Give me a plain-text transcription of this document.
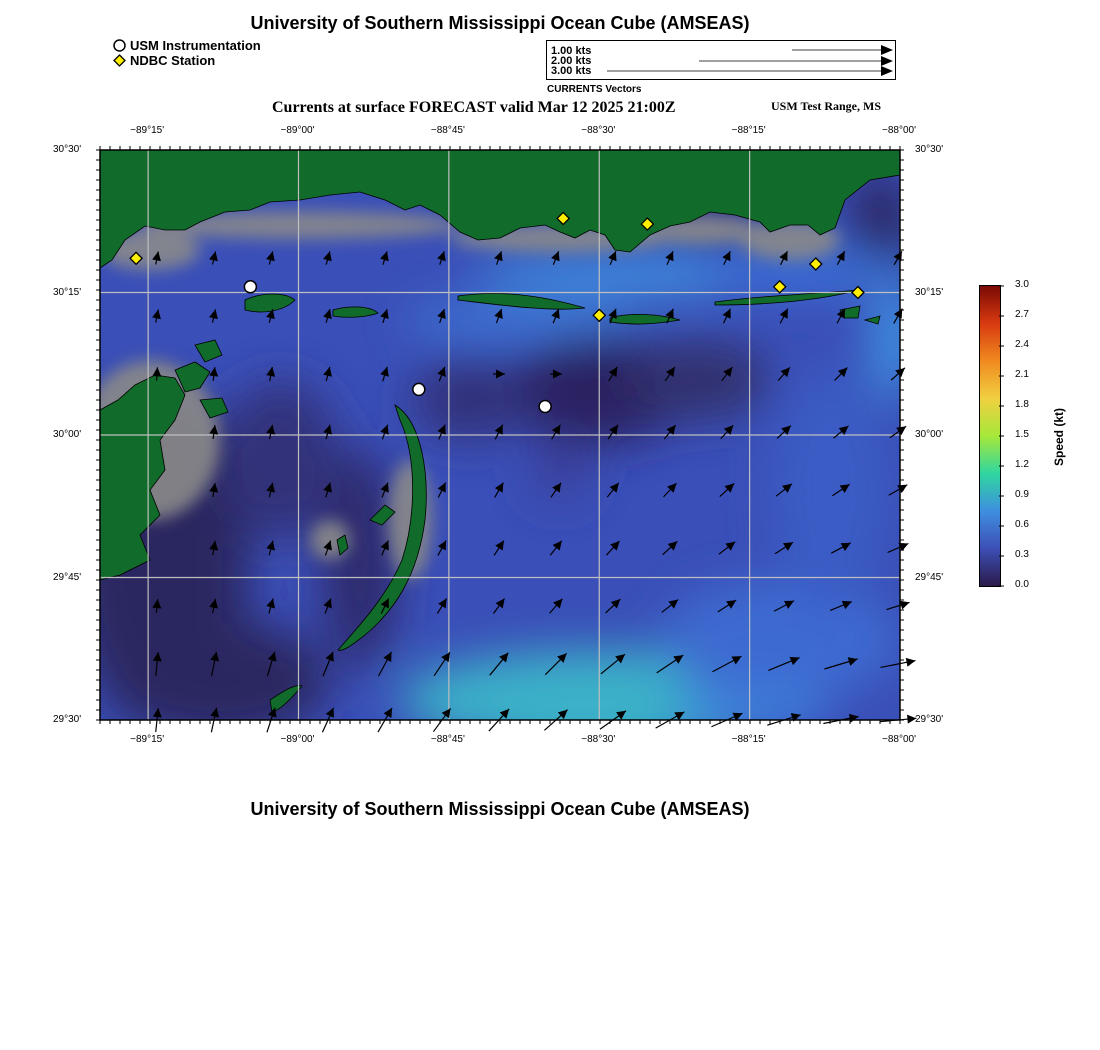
University of Southern Mississippi Ocean Cube (AMSEAS)
USM Instrumentation
NDBC Station
1.00 kts
2.00 kts
3.00 kts
CURRENTS Vectors
Currents at surface FORECAST valid Mar 12 2025 21:00Z	USM Test Range, MS
−89°15'
−89°15'
−89°00'
−89°00'
−88°45'
−88°45'
−88°30'
−88°30'
−88°15'
−88°15'
−88°00'
−88°00'
30°30'	30°30'
30°15'	30°15'
30°00'	30°00'
29°45'	29°45'
29°30'	29°30'
3.0
2.7
2.4
2.1
1.8
1.5
1.2
0.9
0.6
0.3
0.0
Speed (kt)
University of Southern Mississippi Ocean Cube (AMSEAS)
